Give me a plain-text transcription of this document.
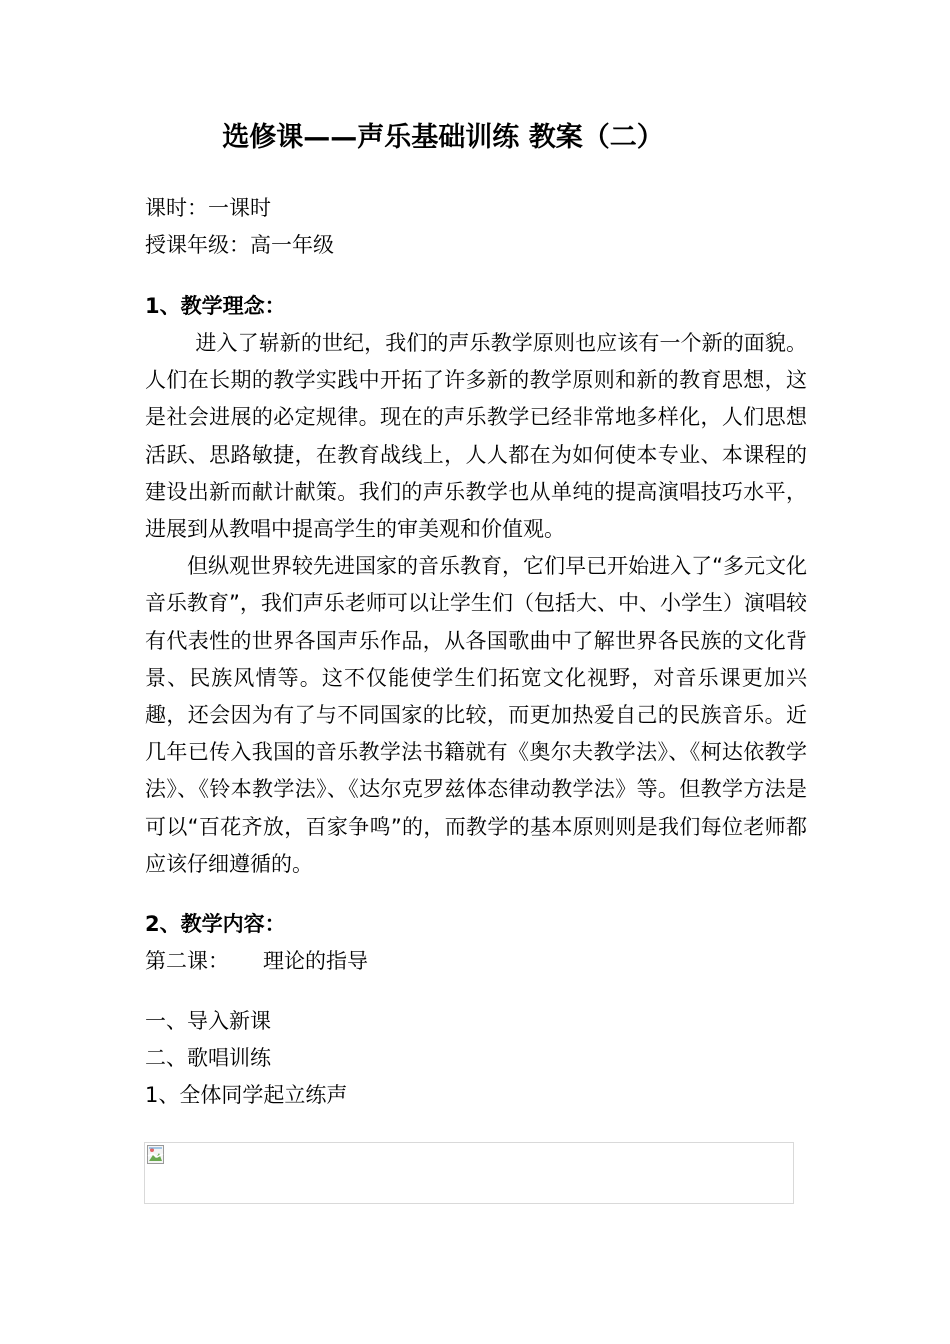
选修课——声乐基础训练 教案（二）
课时：一课时
授课年级：高一年级
1、教学理念：

进入了崭新的世纪，我们的声乐教学原则也应该有一个新的面貌。人们在长期的教学实践中开拓了许多新的教学原则和新的教育思想，这是社会进展的必定规律。现在的声乐教学已经非常地多样化，人们思想活跃、思路敏捷，在教育战线上，人人都在为如何使本专业、本课程的建设出新而献计献策。我们的声乐教学也从单纯的提高演唱技巧水平，进展到从教唱中提高学生的审美观和价值观。

但纵观世界较先进国家的音乐教育，它们早已开始进入了“多元文化音乐教育”，我们声乐老师可以让学生们（包括大、中、小学生）演唱较有代表性的世界各国声乐作品，从各国歌曲中了解世界各民族的文化背景、民族风情等。这不仅能使学生们拓宽文化视野，对音乐课更加兴趣，还会因为有了与不同国家的比较，而更加热爱自己的民族音乐。近几年已传入我国的音乐教学法书籍就有《奥尔夫教学法》、《柯达依教学法》、《铃本教学法》、《达尔克罗兹体态律动教学法》等。但教学方法是可以“百花齐放，百家争鸣”的，而教学的基本原则则是我们每位老师都应该仔细遵循的。

2、教学内容：
第二课： 理论的指导
一、导入新课
二、歌唱训练
1、全体同学起立练声
